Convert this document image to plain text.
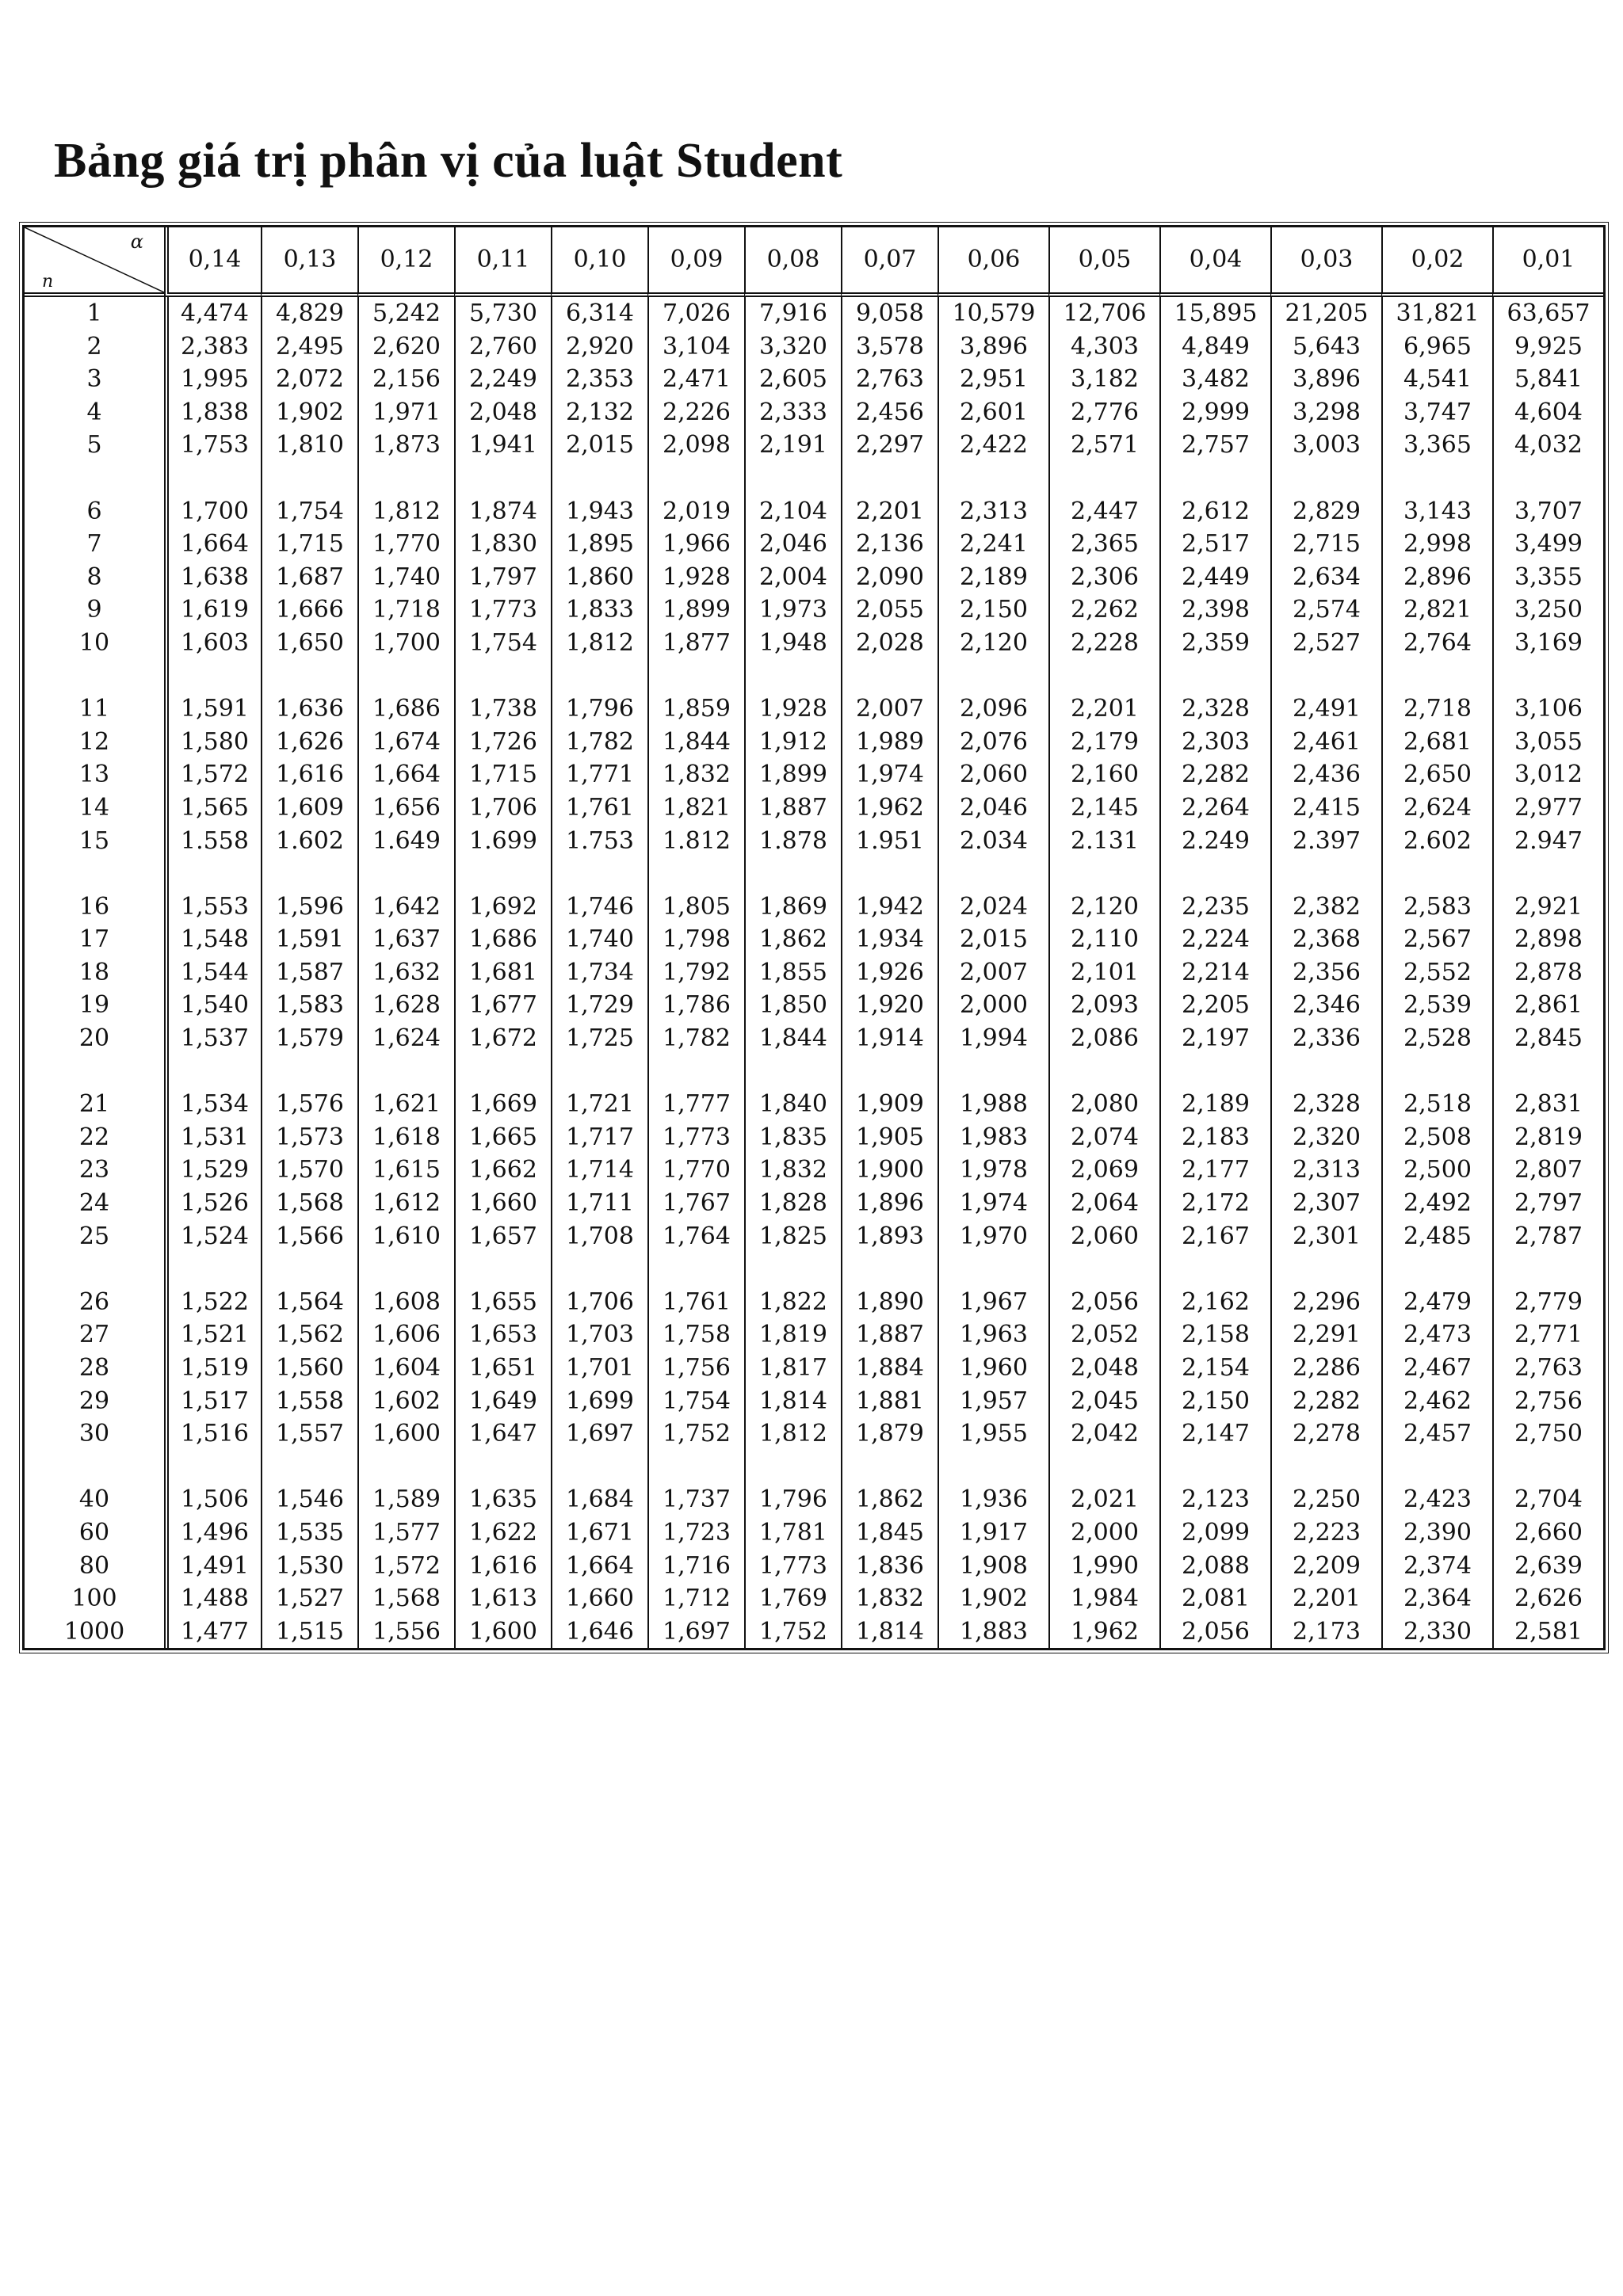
Bảng giá trị phân vị của luật Student
α
n	0,14	0,13	0,12	0,11	0,10	0,09	0,08	0,07	0,06	0,05	0,04	0,03	0,02	0,01
1	4,474	4,829	5,242	5,730	6,314	7,026	7,916	9,058	10,579	12,706	15,895	21,205	31,821	63,657
2	2,383	2,495	2,620	2,760	2,920	3,104	3,320	3,578	3,896	4,303	4,849	5,643	6,965	9,925
3	1,995	2,072	2,156	2,249	2,353	2,471	2,605	2,763	2,951	3,182	3,482	3,896	4,541	5,841
4	1,838	1,902	1,971	2,048	2,132	2,226	2,333	2,456	2,601	2,776	2,999	3,298	3,747	4,604
5	1,753	1,810	1,873	1,941	2,015	2,098	2,191	2,297	2,422	2,571	2,757	3,003	3,365	4,032

6	1,700	1,754	1,812	1,874	1,943	2,019	2,104	2,201	2,313	2,447	2,612	2,829	3,143	3,707
7	1,664	1,715	1,770	1,830	1,895	1,966	2,046	2,136	2,241	2,365	2,517	2,715	2,998	3,499
8	1,638	1,687	1,740	1,797	1,860	1,928	2,004	2,090	2,189	2,306	2,449	2,634	2,896	3,355
9	1,619	1,666	1,718	1,773	1,833	1,899	1,973	2,055	2,150	2,262	2,398	2,574	2,821	3,250
10	1,603	1,650	1,700	1,754	1,812	1,877	1,948	2,028	2,120	2,228	2,359	2,527	2,764	3,169

11	1,591	1,636	1,686	1,738	1,796	1,859	1,928	2,007	2,096	2,201	2,328	2,491	2,718	3,106
12	1,580	1,626	1,674	1,726	1,782	1,844	1,912	1,989	2,076	2,179	2,303	2,461	2,681	3,055
13	1,572	1,616	1,664	1,715	1,771	1,832	1,899	1,974	2,060	2,160	2,282	2,436	2,650	3,012
14	1,565	1,609	1,656	1,706	1,761	1,821	1,887	1,962	2,046	2,145	2,264	2,415	2,624	2,977
15	1.558	1.602	1.649	1.699	1.753	1.812	1.878	1.951	2.034	2.131	2.249	2.397	2.602	2.947

16	1,553	1,596	1,642	1,692	1,746	1,805	1,869	1,942	2,024	2,120	2,235	2,382	2,583	2,921
17	1,548	1,591	1,637	1,686	1,740	1,798	1,862	1,934	2,015	2,110	2,224	2,368	2,567	2,898
18	1,544	1,587	1,632	1,681	1,734	1,792	1,855	1,926	2,007	2,101	2,214	2,356	2,552	2,878
19	1,540	1,583	1,628	1,677	1,729	1,786	1,850	1,920	2,000	2,093	2,205	2,346	2,539	2,861
20	1,537	1,579	1,624	1,672	1,725	1,782	1,844	1,914	1,994	2,086	2,197	2,336	2,528	2,845

21	1,534	1,576	1,621	1,669	1,721	1,777	1,840	1,909	1,988	2,080	2,189	2,328	2,518	2,831
22	1,531	1,573	1,618	1,665	1,717	1,773	1,835	1,905	1,983	2,074	2,183	2,320	2,508	2,819
23	1,529	1,570	1,615	1,662	1,714	1,770	1,832	1,900	1,978	2,069	2,177	2,313	2,500	2,807
24	1,526	1,568	1,612	1,660	1,711	1,767	1,828	1,896	1,974	2,064	2,172	2,307	2,492	2,797
25	1,524	1,566	1,610	1,657	1,708	1,764	1,825	1,893	1,970	2,060	2,167	2,301	2,485	2,787

26	1,522	1,564	1,608	1,655	1,706	1,761	1,822	1,890	1,967	2,056	2,162	2,296	2,479	2,779
27	1,521	1,562	1,606	1,653	1,703	1,758	1,819	1,887	1,963	2,052	2,158	2,291	2,473	2,771
28	1,519	1,560	1,604	1,651	1,701	1,756	1,817	1,884	1,960	2,048	2,154	2,286	2,467	2,763
29	1,517	1,558	1,602	1,649	1,699	1,754	1,814	1,881	1,957	2,045	2,150	2,282	2,462	2,756
30	1,516	1,557	1,600	1,647	1,697	1,752	1,812	1,879	1,955	2,042	2,147	2,278	2,457	2,750

40	1,506	1,546	1,589	1,635	1,684	1,737	1,796	1,862	1,936	2,021	2,123	2,250	2,423	2,704
60	1,496	1,535	1,577	1,622	1,671	1,723	1,781	1,845	1,917	2,000	2,099	2,223	2,390	2,660
80	1,491	1,530	1,572	1,616	1,664	1,716	1,773	1,836	1,908	1,990	2,088	2,209	2,374	2,639
100	1,488	1,527	1,568	1,613	1,660	1,712	1,769	1,832	1,902	1,984	2,081	2,201	2,364	2,626
1000	1,477	1,515	1,556	1,600	1,646	1,697	1,752	1,814	1,883	1,962	2,056	2,173	2,330	2,581
